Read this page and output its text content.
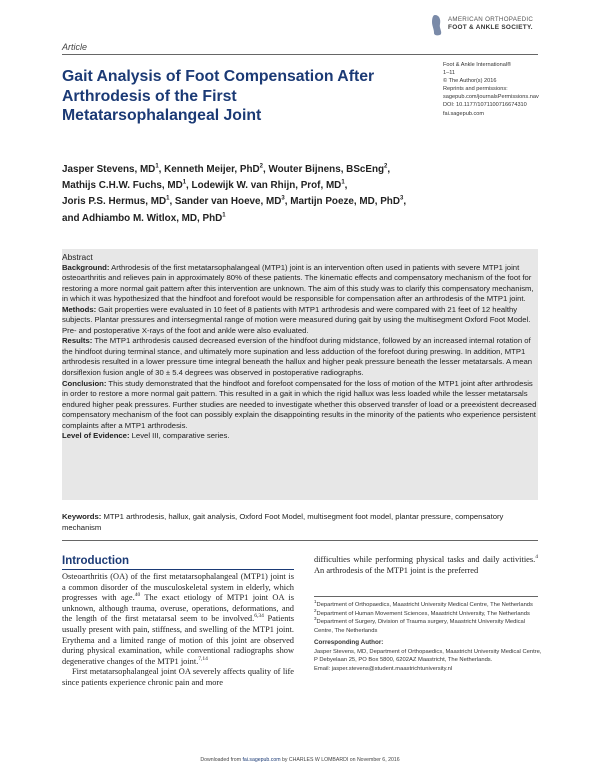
Article
AMERICAN ORTHOPAEDIC
FOOT & ANKLE SOCIETY.
Gait Analysis of Foot Compensation After Arthrodesis of the First Metatarsophalangeal Joint
Foot & Ankle International®
1–11
© The Author(s) 2016
Reprints and permissions:
sagepub.com/journalsPermissions.nav
DOI: 10.1177/1071100716674310
fai.sagepub.com
Jasper Stevens, $MD^1$, Kenneth Meijer, PhD$^2$, Wouter Bijnens, BScEng$^2$,
Mathijs C.H.W. Fuchs, $MD^1$, Lodewijk W. van Rhijn, Prof, $MD^1$,
Joris P.S. Hermus, $MD^1$, Sander van Hoeve, $MD^3$, Martijn Poeze, MD, PhD$^3$,
and Adhiambo M. Witlox, MD, PhD$^1$
Abstract
Background: Arthrodesis of the first metatarsophalangeal (MTP1) joint is an intervention often used in patients with severe MTP1 joint osteoarthritis and relieves pain in approximately 80% of these patients. The kinematic effects and compensatory mechanism of the foot for restoring a more normal gait pattern after this intervention are unknown. The aim of this study was to clarify this compensatory mechanism, in which it was hypothesized that the hindfoot and forefoot would be responsible for compensation after an arthrodesis of the MTP1 joint.
Methods: Gait properties were evaluated in 10 feet of 8 patients with MTP1 arthrodesis and were compared with 21 feet of 12 healthy subjects. Plantar pressures and intersegmental range of motion were measured during gait by using the multisegment Oxford Foot Model. Pre- and postoperative X-rays of the foot and ankle were also evaluated.
Results: The MTP1 arthrodesis caused decreased eversion of the hindfoot during midstance, followed by an increased internal rotation of the hindfoot during terminal stance, and ultimately more supination and less adduction of the forefoot during preswing. In addition, MTP1 arthrodesis resulted in a lower pressure time integral beneath the hallux and higher peak pressure beneath the lesser metatarsals. A mean dorsiflexion fusion angle of 30 ± 5.4 degrees was observed in postoperative radiographs.
Conclusion: This study demonstrated that the hindfoot and forefoot compensated for the loss of motion of the MTP1 joint after arthrodesis in order to restore a more normal gait pattern. This resulted in a gait in which the rigid hallux was less loaded while the lesser metatarsals endured higher peak pressures. Further studies are needed to investigate whether this observed transfer of load or a preexistent decreased compensatory mechanism of the foot can possibly explain the disappointing results in the minority of the patients who experience persistent complaints after a MTP1 arthrodesis.
Level of Evidence: Level III, comparative series.
Keywords: MTP1 arthrodesis, hallux, gait analysis, Oxford Foot Model, multisegment foot model, plantar pressure, compensatory mechanism
Introduction

Osteoarthritis (OA) of the first metatarsophalangeal (MTP1) joint is a common disorder of the musculoskeletal system in elderly, which progresses with age.$^{40}$ The exact etiology of MTP1 joint OA is unknown, although trauma, overuse, operations, deformations, and the length of the first metatarsal seem to be involved.$^{6,34}$ Patients usually present with pain, stiffness, and swelling of the MTP1 joint. Erythema and a limited range of motion of this joint are observed during physical examination, while conventional radiographs show degenerative changes of the MTP1 joint.$^{7,14}$

First metatarsophalangeal joint OA severely affects quality of life since patients experience chronic pain and more

difficulties while performing physical tasks and daily activities.$^4$ An arthrodesis of the MTP1 joint is the preferred

$^1$Department of Orthopaedics, Maastricht University Medical Centre, The Netherlands

$^2$Department of Human Movement Sciences, Maastricht University, The Netherlands

$^3$Department of Surgery, Division of Trauma surgery, Maastricht University Medical Centre, The Netherlands

Corresponding Author:

Jasper Stevens, MD, Department of Orthopaedics, Maastricht University Medical Centre, P Debyelaan 25, PO Box 5800, 6202AZ Maastricht, The Netherlands.

Email: jasper.stevens@student.maastrichtuniversity.nl

Downloaded from fai.sagepub.com by CHARLES W LOMBARDI on November 6, 2016
